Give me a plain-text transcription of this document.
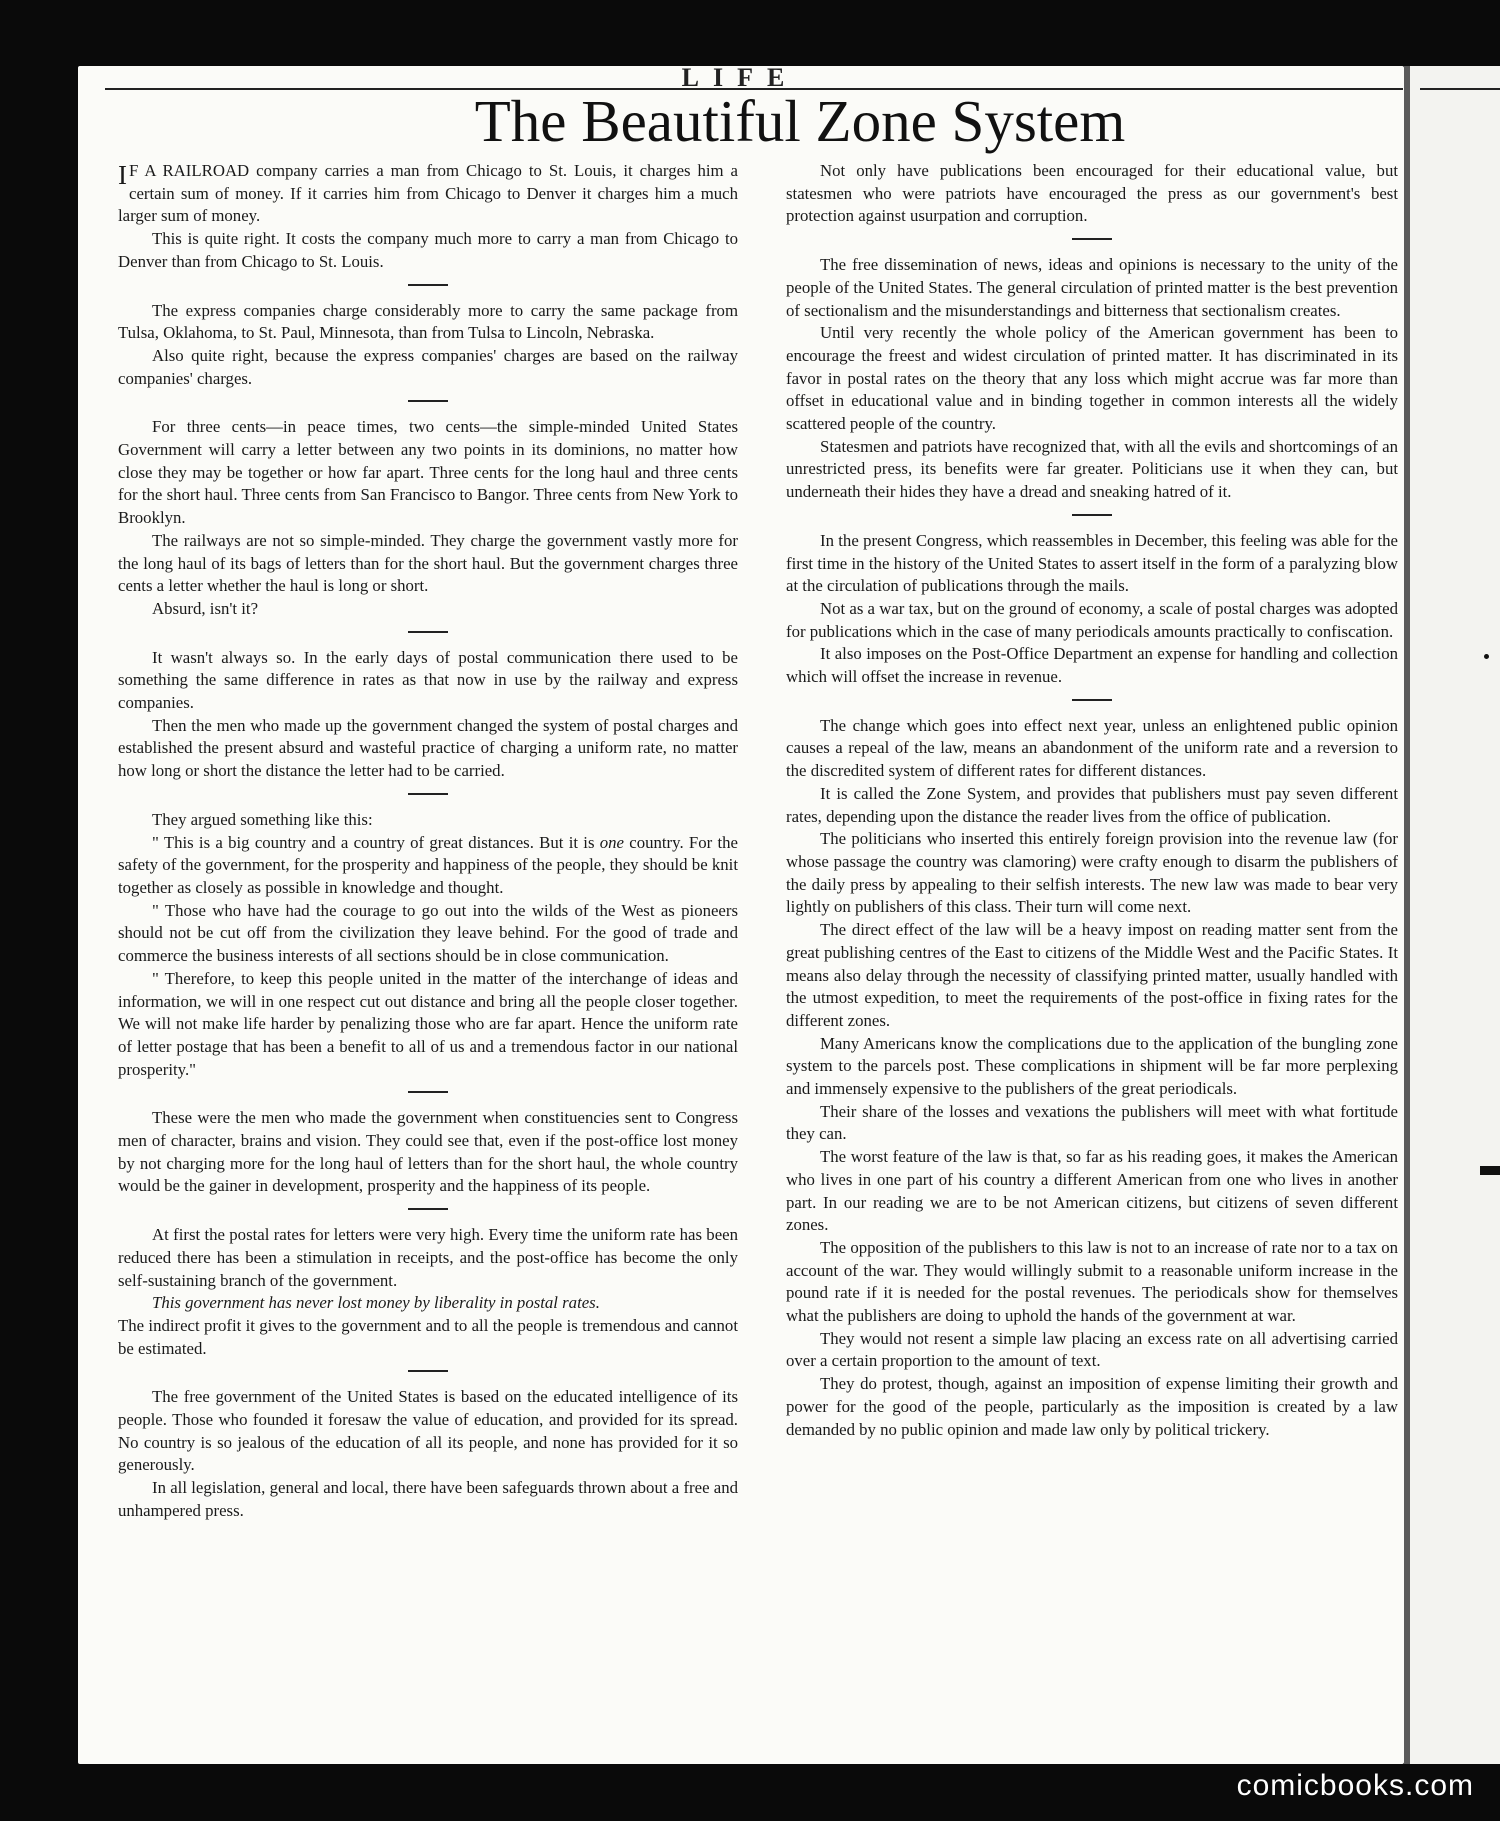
The Beautiful Zone System

I F A RAILROAD company carries a man from Chicago to St. Louis, it charges him a certain sum of money. If it carries him from Chicago to Denver it charges him a much larger sum of money.

This is quite right. It costs the company much more to carry a man from Chicago to Denver than from Chicago to St. Louis.

The express companies charge considerably more to carry the same package from Tulsa, Oklahoma, to St. Paul, Minnesota, than from Tulsa to Lincoln, Nebraska.

Also quite right, because the express companies' charges are based on the railway companies' charges.

For three cents—in peace times, two cents—the simple-minded United States Government will carry a letter between any two points in its dominions, no matter how close they may be together or how far apart. Three cents for the long haul and three cents for the short haul. Three cents from San Francisco to Bangor. Three cents from New York to Brooklyn.

The railways are not so simple-minded. They charge the government vastly more for the long haul of its bags of letters than for the short haul. But the government charges three cents a letter whether the haul is long or short.

Absurd, isn't it?

It wasn't always so. In the early days of postal communication there used to be something the same difference in rates as that now in use by the railway and express companies.

Then the men who made up the government changed the system of postal charges and established the present absurd and wasteful practice of charging a uniform rate, no matter how long or short the distance the letter had to be carried.

They argued something like this:

" This is a big country and a country of great distances. But it is one country. For the safety of the government, for the prosperity and happiness of the people, they should be knit together as closely as possible in knowledge and thought.

" Those who have had the courage to go out into the wilds of the West as pioneers should not be cut off from the civilization they leave behind. For the good of trade and commerce the business interests of all sections should be in close communication.

" Therefore, to keep this people united in the matter of the interchange of ideas and information, we will in one respect cut out distance and bring all the people closer together. We will not make life harder by penalizing those who are far apart. Hence the uniform rate of letter postage that has been a benefit to all of us and a tremendous factor in our national prosperity."

These were the men who made the government when constituencies sent to Congress men of character, brains and vision. They could see that, even if the post-office lost money by not charging more for the long haul of letters than for the short haul, the whole country would be the gainer in development, prosperity and the happiness of its people.

At first the postal rates for letters were very high. Every time the uniform rate has been reduced there has been a stimulation in receipts, and the post-office has become the only self-sustaining branch of the government.

This government has never lost money by liberality in postal rates.

The indirect profit it gives to the government and to all the people is tremendous and cannot be estimated.

The free government of the United States is based on the educated intelligence of its people. Those who founded it foresaw the value of education, and provided for its spread. No country is so jealous of the education of all its people, and none has provided for it so generously.

In all legislation, general and local, there have been safeguards thrown about a free and unhampered press.

Not only have publications been encouraged for their educational value, but statesmen who were patriots have encouraged the press as our government's best protection against usurpation and corruption.

The free dissemination of news, ideas and opinions is necessary to the unity of the people of the United States. The general circulation of printed matter is the best prevention of sectionalism and the misunderstandings and bitterness that sectionalism creates.

Until very recently the whole policy of the American government has been to encourage the freest and widest circulation of printed matter. It has discriminated in its favor in postal rates on the theory that any loss which might accrue was far more than offset in educational value and in binding together in common interests all the widely scattered people of the country.

Statesmen and patriots have recognized that, with all the evils and shortcomings of an unrestricted press, its benefits were far greater. Politicians use it when they can, but underneath their hides they have a dread and sneaking hatred of it.

In the present Congress, which reassembles in December, this feeling was able for the first time in the history of the United States to assert itself in the form of a paralyzing blow at the circulation of publications through the mails.

Not as a war tax, but on the ground of economy, a scale of postal charges was adopted for publications which in the case of many periodicals amounts practically to confiscation.

It also imposes on the Post-Office Department an expense for handling and collection which will offset the increase in revenue.

The change which goes into effect next year, unless an enlightened public opinion causes a repeal of the law, means an abandonment of the uniform rate and a reversion to the discredited system of different rates for different distances.

It is called the Zone System, and provides that publishers must pay seven different rates, depending upon the distance the reader lives from the office of publication.

The politicians who inserted this entirely foreign provision into the revenue law (for whose passage the country was clamoring) were crafty enough to disarm the publishers of the daily press by appealing to their selfish interests. The new law was made to bear very lightly on publishers of this class. Their turn will come next.

The direct effect of the law will be a heavy impost on reading matter sent from the great publishing centres of the East to citizens of the Middle West and the Pacific States. It means also delay through the necessity of classifying printed matter, usually handled with the utmost expedition, to meet the requirements of the post-office in fixing rates for the different zones.

Many Americans know the complications due to the application of the bungling zone system to the parcels post. These complications in shipment will be far more perplexing and immensely expensive to the publishers of the great periodicals.

Their share of the losses and vexations the publishers will meet with what fortitude they can.

The worst feature of the law is that, so far as his reading goes, it makes the American who lives in one part of his country a different American from one who lives in another part. In our reading we are to be not American citizens, but citizens of seven different zones.

The opposition of the publishers to this law is not to an increase of rate nor to a tax on account of the war. They would willingly submit to a reasonable uniform increase in the pound rate if it is needed for the postal revenues. The periodicals show for themselves what the publishers are doing to uphold the hands of the government at war.

They would not resent a simple law placing an excess rate on all advertising carried over a certain proportion to the amount of text.

They do protest, though, against an imposition of expense limiting their growth and power for the good of the people, particularly as the imposition is created by a law demanded by no public opinion and made law only by political trickery.

comicbooks.com
